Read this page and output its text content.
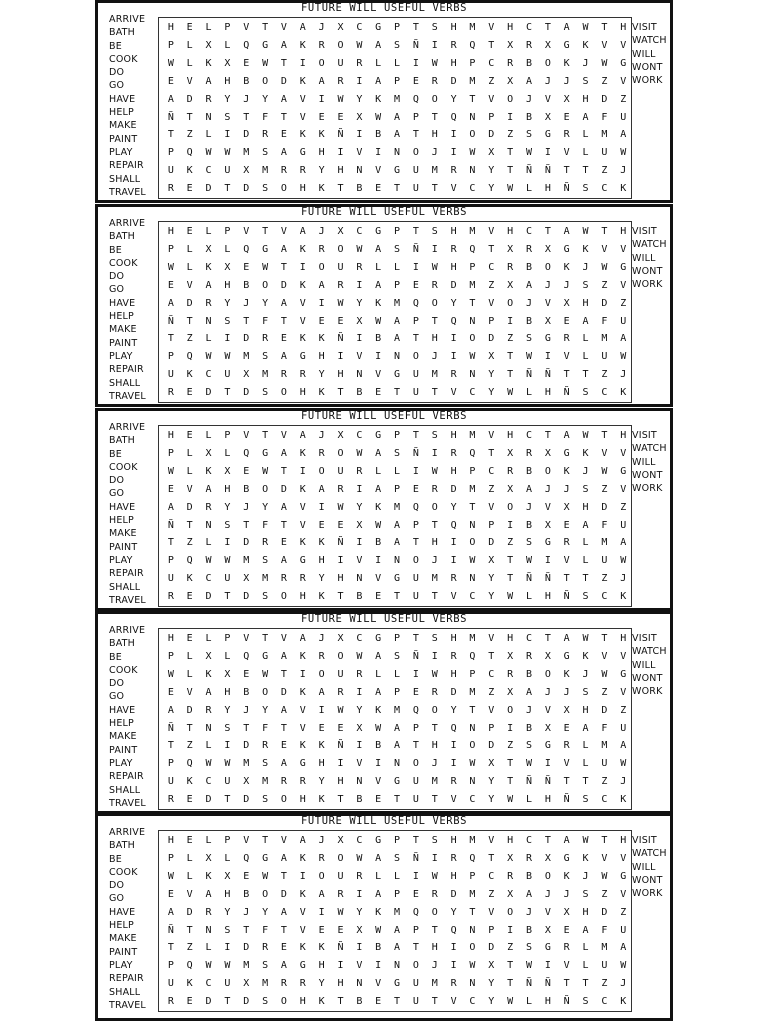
FUTURE WILL USEFUL VERBS
ARRIVE
BATH
BE
COOK
DO
GO
HAVE
HELP
MAKE
PAINT
PLAY
REPAIR
SHALL
TRAVEL
H	E	L	P	V	T	V	A	J	X	C	G	P	T	S	H	M	V	H	C	T	A	W	T	H
P	L	X	L	Q	G	A	K	R	O	W	A	S	Ñ	I	R	Q	T	X	R	X	G	K	V	V
W	L	K	X	E	W	T	I	O	U	R	L	L	I	W	H	P	C	R	B	O	K	J	W	G
E	V	A	H	B	O	D	K	A	R	I	A	P	E	R	D	M	Z	X	A	J	J	S	Z	V
A	D	R	Y	J	Y	A	V	I	W	Y	K	M	Q	O	Y	T	V	O	J	V	X	H	D	Z
Ñ	T	N	S	T	F	T	V	E	E	X	W	A	P	T	Q	N	P	I	B	X	E	A	F	U
T	Z	L	I	D	R	E	K	K	Ñ	I	B	A	T	H	I	O	D	Z	S	G	R	L	M	A
P	Q	W	W	M	S	A	G	H	I	V	I	N	O	J	I	W	X	T	W	I	V	L	U	W
U	K	C	U	X	M	R	R	Y	H	N	V	G	U	M	R	N	Y	T	Ñ	Ñ	T	T	Z	J
R	E	D	T	D	S	O	H	K	T	B	E	T	U	T	V	C	Y	W	L	H	Ñ	S	C	K
VISIT
WATCH
WILL
WONT
WORK
FUTURE WILL USEFUL VERBS
ARRIVE
BATH
BE
COOK
DO
GO
HAVE
HELP
MAKE
PAINT
PLAY
REPAIR
SHALL
TRAVEL
H	E	L	P	V	T	V	A	J	X	C	G	P	T	S	H	M	V	H	C	T	A	W	T	H
P	L	X	L	Q	G	A	K	R	O	W	A	S	Ñ	I	R	Q	T	X	R	X	G	K	V	V
W	L	K	X	E	W	T	I	O	U	R	L	L	I	W	H	P	C	R	B	O	K	J	W	G
E	V	A	H	B	O	D	K	A	R	I	A	P	E	R	D	M	Z	X	A	J	J	S	Z	V
A	D	R	Y	J	Y	A	V	I	W	Y	K	M	Q	O	Y	T	V	O	J	V	X	H	D	Z
Ñ	T	N	S	T	F	T	V	E	E	X	W	A	P	T	Q	N	P	I	B	X	E	A	F	U
T	Z	L	I	D	R	E	K	K	Ñ	I	B	A	T	H	I	O	D	Z	S	G	R	L	M	A
P	Q	W	W	M	S	A	G	H	I	V	I	N	O	J	I	W	X	T	W	I	V	L	U	W
U	K	C	U	X	M	R	R	Y	H	N	V	G	U	M	R	N	Y	T	Ñ	Ñ	T	T	Z	J
R	E	D	T	D	S	O	H	K	T	B	E	T	U	T	V	C	Y	W	L	H	Ñ	S	C	K
VISIT
WATCH
WILL
WONT
WORK
FUTURE WILL USEFUL VERBS
ARRIVE
BATH
BE
COOK
DO
GO
HAVE
HELP
MAKE
PAINT
PLAY
REPAIR
SHALL
TRAVEL
H	E	L	P	V	T	V	A	J	X	C	G	P	T	S	H	M	V	H	C	T	A	W	T	H
P	L	X	L	Q	G	A	K	R	O	W	A	S	Ñ	I	R	Q	T	X	R	X	G	K	V	V
W	L	K	X	E	W	T	I	O	U	R	L	L	I	W	H	P	C	R	B	O	K	J	W	G
E	V	A	H	B	O	D	K	A	R	I	A	P	E	R	D	M	Z	X	A	J	J	S	Z	V
A	D	R	Y	J	Y	A	V	I	W	Y	K	M	Q	O	Y	T	V	O	J	V	X	H	D	Z
Ñ	T	N	S	T	F	T	V	E	E	X	W	A	P	T	Q	N	P	I	B	X	E	A	F	U
T	Z	L	I	D	R	E	K	K	Ñ	I	B	A	T	H	I	O	D	Z	S	G	R	L	M	A
P	Q	W	W	M	S	A	G	H	I	V	I	N	O	J	I	W	X	T	W	I	V	L	U	W
U	K	C	U	X	M	R	R	Y	H	N	V	G	U	M	R	N	Y	T	Ñ	Ñ	T	T	Z	J
R	E	D	T	D	S	O	H	K	T	B	E	T	U	T	V	C	Y	W	L	H	Ñ	S	C	K
VISIT
WATCH
WILL
WONT
WORK
FUTURE WILL USEFUL VERBS
ARRIVE
BATH
BE
COOK
DO
GO
HAVE
HELP
MAKE
PAINT
PLAY
REPAIR
SHALL
TRAVEL
H	E	L	P	V	T	V	A	J	X	C	G	P	T	S	H	M	V	H	C	T	A	W	T	H
P	L	X	L	Q	G	A	K	R	O	W	A	S	Ñ	I	R	Q	T	X	R	X	G	K	V	V
W	L	K	X	E	W	T	I	O	U	R	L	L	I	W	H	P	C	R	B	O	K	J	W	G
E	V	A	H	B	O	D	K	A	R	I	A	P	E	R	D	M	Z	X	A	J	J	S	Z	V
A	D	R	Y	J	Y	A	V	I	W	Y	K	M	Q	O	Y	T	V	O	J	V	X	H	D	Z
Ñ	T	N	S	T	F	T	V	E	E	X	W	A	P	T	Q	N	P	I	B	X	E	A	F	U
T	Z	L	I	D	R	E	K	K	Ñ	I	B	A	T	H	I	O	D	Z	S	G	R	L	M	A
P	Q	W	W	M	S	A	G	H	I	V	I	N	O	J	I	W	X	T	W	I	V	L	U	W
U	K	C	U	X	M	R	R	Y	H	N	V	G	U	M	R	N	Y	T	Ñ	Ñ	T	T	Z	J
R	E	D	T	D	S	O	H	K	T	B	E	T	U	T	V	C	Y	W	L	H	Ñ	S	C	K
VISIT
WATCH
WILL
WONT
WORK
FUTURE WILL USEFUL VERBS
ARRIVE
BATH
BE
COOK
DO
GO
HAVE
HELP
MAKE
PAINT
PLAY
REPAIR
SHALL
TRAVEL
H	E	L	P	V	T	V	A	J	X	C	G	P	T	S	H	M	V	H	C	T	A	W	T	H
P	L	X	L	Q	G	A	K	R	O	W	A	S	Ñ	I	R	Q	T	X	R	X	G	K	V	V
W	L	K	X	E	W	T	I	O	U	R	L	L	I	W	H	P	C	R	B	O	K	J	W	G
E	V	A	H	B	O	D	K	A	R	I	A	P	E	R	D	M	Z	X	A	J	J	S	Z	V
A	D	R	Y	J	Y	A	V	I	W	Y	K	M	Q	O	Y	T	V	O	J	V	X	H	D	Z
Ñ	T	N	S	T	F	T	V	E	E	X	W	A	P	T	Q	N	P	I	B	X	E	A	F	U
T	Z	L	I	D	R	E	K	K	Ñ	I	B	A	T	H	I	O	D	Z	S	G	R	L	M	A
P	Q	W	W	M	S	A	G	H	I	V	I	N	O	J	I	W	X	T	W	I	V	L	U	W
U	K	C	U	X	M	R	R	Y	H	N	V	G	U	M	R	N	Y	T	Ñ	Ñ	T	T	Z	J
R	E	D	T	D	S	O	H	K	T	B	E	T	U	T	V	C	Y	W	L	H	Ñ	S	C	K
VISIT
WATCH
WILL
WONT
WORK
